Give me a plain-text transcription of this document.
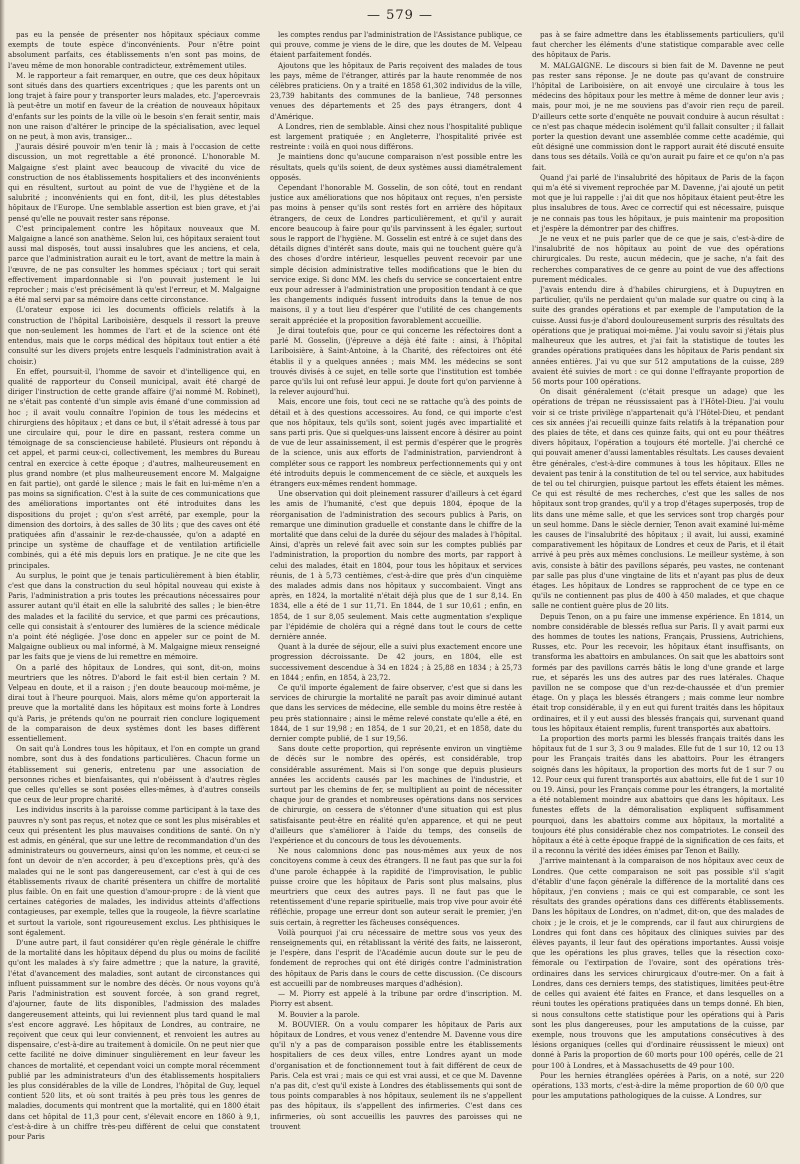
— 579 —

pas eu la pensée de présenter nos hôpitaux spéciaux comme exempts de toute espèce d'inconvénients. Pour n'être point absolument parfaits, ces établissements n'en sont pas moins, de l'aveu même de mon honorable contradicteur, extrêmement utiles.

M. le rapporteur a fait remarquer, en outre, que ces deux hôpitaux sont situés dans des quartiers excentriques ; que les parents ont un long trajet à faire pour y transporter leurs malades, etc. J'apercevrais là peut-être un motif en faveur de la création de nouveaux hôpitaux d'enfants sur les points de la ville où le besoin s'en ferait sentir, mais non une raison d'altérer le principe de la spécialisation, avec lequel on ne peut, à mon avis, transiger...

J'aurais désiré pouvoir m'en tenir là ; mais à l'occasion de cette discussion, un mot regrettable a été prononcé. L'honorable M. Malgaigne s'est plaint avec beaucoup de vivacité du vice de construction de nos établissements hospitaliers et des inconvénients qui en résultent, surtout au point de vue de l'hygiène et de la salubrité ; inconvénients qui en font, dit-il, les plus détestables hôpitaux de l'Europe. Une semblable assertion est bien grave, et j'ai pensé qu'elle ne pouvait rester sans réponse.

C'est principalement contre les hôpitaux nouveaux que M. Malgaigne a lancé son anathème. Selon lui, ces hôpitaux seraient tout aussi mal disposés, tout aussi insalubres que les anciens, et cela, parce que l'administration aurait eu le tort, avant de mettre la main à l'œuvre, de ne pas consulter les hommes spéciaux ; tort qui serait effectivement impardonnable si l'on pouvait justement le lui reprocher ; mais c'est précisément là qu'est l'erreur, et M. Malgaigne a été mal servi par sa mémoire dans cette circonstance.

(L'orateur expose ici les documents officiels relatifs à la construction de l'hôpital Lariboisière, desquels il ressort la preuve que non-seulement les hommes de l'art et de la science ont été entendus, mais que le corps médical des hôpitaux tout entier a été consulté sur les divers projets entre lesquels l'administration avait à choisir.)

En effet, poursuit-il, l'homme de savoir et d'intelligence qui, en qualité de rapporteur du Conseil municipal, avait été chargé de diriger l'instruction de cette grande affaire (j'ai nommé M. Robinet), ne s'était pas contenté d'un simple avis émané d'une commission ad hoc ; il avait voulu connaître l'opinion de tous les médecins et chirurgiens des hôpitaux ; et dans ce but, il s'était adressé à tous par une circulaire qui, pour le dire en passant, restera comme un témoignage de sa consciencieuse habileté. Plusieurs ont répondu à cet appel, et parmi ceux-ci, collectivement, les membres du Bureau central en exercice à cette époque ; d'autres, malheureusement en plus grand nombre (et plus malheureusement encore M. Malgaigne en fait partie), ont gardé le silence ; mais le fait en lui-même n'en a pas moins sa signification. C'est à la suite de ces communications que des améliorations importantes ont été introduites dans les dispositions du projet ; qu'on s'est arrêté, par exemple, pour la dimension des dortoirs, à des salles de 30 lits ; que des caves ont été pratiquées afin d'assainir le rez-de-chaussée, qu'on a adapté en principe un système de chauffage et de ventilation artificielle combinés, qui a été mis depuis lors en pratique. Je ne cite que les principales.

Au surplus, le point que je tenais particulièrement à bien établir, c'est que dans la construction du seul hôpital nouveau qui existe à Paris, l'administration a pris toutes les précautions nécessaires pour assurer autant qu'il était en elle la salubrité des salles ; le bien-être des malades et la facilité du service, et que parmi ces précautions, celle qui consistait à s'entourer des lumières de la science médicale n'a point été négligée. J'ose donc en appeler sur ce point de M. Malgaigne oublieux ou mal informé, à M. Malgaigne mieux renseigné par les faits que je viens de lui remettre en mémoire.

On a parlé des hôpitaux de Londres, qui sont, dit-on, moins meurtriers que les nôtres. D'abord le fait est-il bien certain ? M. Velpeau en doute, et il a raison ; j'en doute beaucoup moi-même, je dirai tout à l'heure pourquoi. Mais, alors même qu'on apporterait la preuve que la mortalité dans les hôpitaux est moins forte à Londres qu'à Paris, je prétends qu'on ne pourrait rien conclure logiquement de la comparaison de deux systèmes dont les bases diffèrent essentiellement.

On sait qu'à Londres tous les hôpitaux, et l'on en compte un grand nombre, sont dus à des fondations particulières. Chacun forme un établissement sui generis, entretenu par une association de personnes riches et bienfaisantes, qui n'obéissent à d'autres règles que celles qu'elles se sont posées elles-mêmes, à d'autres conseils que ceux de leur propre charité.

Les individus inscrits à la paroisse comme participant à la taxe des pauvres n'y sont pas reçus, et notez que ce sont les plus misérables et ceux qui présentent les plus mauvaises conditions de santé. On n'y est admis, en général, que sur une lettre de recommandation d'un des administrateurs ou gouverneurs, ainsi qu'on les nomme, et ceux-ci se font un devoir de n'en accorder, à peu d'exceptions près, qu'à des malades qui ne le sont pas dangereusement, car c'est à qui de ces établissements rivaux de charité présentera un chiffre de mortalité plus faible. On en fait une question d'amour-propre : de là vient que certaines catégories de malades, les individus atteints d'affections contagieuses, par exemple, telles que la rougeole, la fièvre scarlatine et surtout la variole, sont rigoureusement exclus. Les phthisiques le sont également.

D'une autre part, il faut considérer qu'en règle générale le chiffre de la mortalité dans les hôpitaux dépend du plus ou moins de facilité qu'ont les malades à s'y faire admettre ; que la nature, la gravité, l'état d'avancement des maladies, sont autant de circonstances qui influent puissamment sur le nombre des décès. Or nous voyons qu'à Paris l'administration est souvent forcée, à son grand regret, d'ajourner, faute de lits disponibles, l'admission des malades dangereusement atteints, qui lui reviennent plus tard quand le mal s'est encore aggravé. Les hôpitaux de Londres, au contraire, ne reçoivent que ceux qui leur conviennent, et renvoient les autres au dispensaire, c'est-à-dire au traitement à domicile. On ne peut nier que cette facilité ne doive diminuer singulièrement en leur faveur les chances de mortalité, et cependant voici un compte moral récemment publié par les administrateurs d'un des établissements hospitaliers les plus considérables de la ville de Londres, l'hôpital de Guy, lequel contient 520 lits, et où sont traités à peu près tous les genres de maladies, documents qui montrent que la mortalité, qui en 1800 était dans cet hôpital de 11,3 pour cent, s'élevait encore en 1860 à 9,1, c'est-à-dire à un chiffre très-peu différent de celui que constatent pour Paris

les comptes rendus par l'administration de l'Assistance publique, ce qui prouve, comme je viens de le dire, que les doutes de M. Velpeau étaient parfaitement fondés.

Ajoutons que les hôpitaux de Paris reçoivent des malades de tous les pays, même de l'étranger, attirés par la haute renommée de nos célèbres praticiens. On y a traité en 1858 61,302 individus de la ville, 23,739 habitants des communes de la banlieue, 748 personnes venues des départements et 25 des pays étrangers, dont 4 d'Amérique.

A Londres, rien de semblable. Ainsi chez nous l'hospitalité publique est largement pratiquée ; en Angleterre, l'hospitalité privée est restreinte : voilà en quoi nous différons.

Je maintiens donc qu'aucune comparaison n'est possible entre les résultats, quels qu'ils soient, de deux systèmes aussi diamétralement opposés.

Cependant l'honorable M. Gosselin, de son côté, tout en rendant justice aux améliorations que nos hôpitaux ont reçues, n'en persiste pas moins à penser qu'ils sont restés fort en arrière des hôpitaux étrangers, de ceux de Londres particulièrement, et qu'il y aurait encore beaucoup à faire pour qu'ils parvinssent à les égaler, surtout sous le rapport de l'hygiène. M. Gosselin est entré à ce sujet dans des détails dignes d'intérêt sans doute, mais qui ne touchent guère qu'à des choses d'ordre intérieur, lesquelles peuvent recevoir par une simple décision administrative telles modifications que le bien du service exige. Si donc MM. les chefs du service se concertaient entre eux pour adresser à l'administration une proposition tendant à ce que les changements indiqués fussent introduits dans la tenue de nos maisons, il y a tout lieu d'espérer que l'utilité de ces changements serait appréciée et la proposition favorablement accueillie.

Je dirai toutefois que, pour ce qui concerne les réfectoires dont a parlé M. Gosselin, (j'épreuve a déjà été faite : ainsi, à l'hôpital Lariboisière, à Saint-Antoine, à la Charité, des réfectoires ont été établis il y a quelques années ; mais MM. les médecins se sont trouvés divisés à ce sujet, en telle sorte que l'institution est tombée parce qu'ils lui ont refusé leur appui. Je doute fort qu'on parvienne à la relever aujourd'hui.

Mais, encore une fois, tout ceci ne se rattache qu'à des points de détail et à des questions accessoires. Au fond, ce qui importe c'est que nos hôpitaux, tels qu'ils sont, soient jugés avec impartialité et sans parti pris. Que si quelques-uns laissent encore à désirer au point de vue de leur assainissement, il est permis d'espérer que le progrès de la science, unis aux efforts de l'administration, parviendront à compléter sous ce rapport les nombreux perfectionnements qui y ont été introduits depuis le commencement de ce siècle, et auxquels les étrangers eux-mêmes rendent hommage.

Une observation qui doit pleinement rassurer d'ailleurs à cet égard les amis de l'humanité, c'est que depuis 1804, époque de la réorganisation de l'administration des secours publics à Paris, on remarque une diminution graduelle et constante dans le chiffre de la mortalité que dans celui de la durée du séjour des malades à l'hôpital. Ainsi, d'après un relevé fait avec soin sur les comptes publiés par l'administration, la proportion du nombre des morts, par rapport à celui des malades, était en 1804, pour tous les hôpitaux et services réunis, de 1 à 5,73 centièmes, c'est-à-dire que près d'un cinquième des malades admis dans nos hôpitaux y succombaient. Vingt ans après, en 1824, la mortalité n'était déjà plus que de 1 sur 8,14. En 1834, elle a été de 1 sur 11,71. En 1844, de 1 sur 10,61 ; enfin, en 1854, de 1 sur 8,05 seulement. Mais cette augmentation s'explique par l'épidémie de choléra qui a régné dans tout le cours de cette dernière année.

Quant à la durée de séjour, elle a suivi plus exactement encore une progression décroissante. De 42 jours, en 1804, elle est successivement descendue à 34 en 1824 ; à 25,88 en 1834 ; à 25,73 en 1844 ; enfin, en 1854, à 23,72.

Ce qu'il importe également de faire observer, c'est que si dans les services de chirurgie la mortalité ne paraît pas avoir diminué autant que dans les services de médecine, elle semble du moins être restée à peu près stationnaire ; ainsi le même relevé constate qu'elle a été, en 1844, de 1 sur 19,98 ; en 1854, de 1 sur 20,21, et en 1858, date du dernier compte publié, de 1 sur 19,56.

Sans doute cette proportion, qui représente environ un vingtième de décès sur le nombre des opérés, est considérable, trop considérable assurément. Mais si l'on songe que depuis plusieurs années les accidents causés par les machines de l'industrie, et surtout par les chemins de fer, se multiplient au point de nécessiter chaque jour de grandes et nombreuses opérations dans nos services de chirurgie, on cessera de s'étonner d'une situation qui est plus satisfaisante peut-être en réalité qu'en apparence, et qui ne peut d'ailleurs que s'améliorer à l'aide du temps, des conseils de l'expérience et du concours de tous les dévouements.

Ne nous calomnions donc pas nous-mêmes aux yeux de nos concitoyens comme à ceux des étrangers. Il ne faut pas que sur la foi d'une parole échappée à la rapidité de l'improvisation, le public puisse croire que les hôpitaux de Paris sont plus malsains, plus meurtriers que ceux des autres pays. Il ne faut pas que le retentissement d'une reparie spirituelle, mais trop vive pour avoir été réfléchie, propage une erreur dont son auteur serait le premier, j'en suis certain, à regretter les fâcheuses conséquences.

Voilà pourquoi j'ai cru nécessaire de mettre sous vos yeux des renseignements qui, en rétablissant la vérité des faits, ne laisseront, je l'espère, dans l'esprit de l'Académie aucun doute sur le peu de fondement de reproches qui ont été dirigés contre l'administration des hôpitaux de Paris dans le cours de cette discussion. (Ce discours est accueilli par de nombreuses marques d'adhésion).

— M. Piorry est appelé à la tribune par ordre d'inscription. M. Piorry est absent.

M. Bouvier a la parole.

M. BOUVIER. On a voulu comparer les hôpitaux de Paris aux hôpitaux de Londres, et vous venez d'entendre M. Davenne vous dire qu'il n'y a pas de comparaison possible entre les établissements hospitaliers de ces deux villes, entre Londres ayant un mode d'organisation et de fonctionnement tout à fait différent de ceux de Paris. Cela est vrai ; mais ce qui est vrai aussi, et ce que M. Davenne n'a pas dit, c'est qu'il existe à Londres des établissements qui sont de tous points comparables à nos hôpitaux, seulement ils ne s'appellent pas des hôpitaux, ils s'appellent des infirmeries. C'est dans ces infirmeries, où sont accueillis les pauvres des paroisses qui ne trouvent

pas à se faire admettre dans les établissements particuliers, qu'il faut chercher les éléments d'une statistique comparable avec celle des hôpitaux de Paris.

M. MALGAIGNE. Le discours si bien fait de M. Davenne ne peut pas rester sans réponse. Je ne doute pas qu'avant de construire l'hôpital de Lariboisière, on ait envoyé une circulaire à tous les médecins des hôpitaux pour les mettre à même de donner leur avis ; mais, pour moi, je ne me souviens pas d'avoir rien reçu de pareil. D'ailleurs cette sorte d'enquête ne pouvait conduire à aucun résultat : ce n'est pas chaque médecin isolément qu'il fallait consulter ; il fallait porter la question devant une assemblée comme cette académie, qui eût désigné une commission dont le rapport aurait été discuté ensuite dans tous ses détails. Voilà ce qu'on aurait pu faire et ce qu'on n'a pas fait.

Quand j'ai parlé de l'insalubrité des hôpitaux de Paris de la façon qui m'a été si vivement reprochée par M. Davenne, j'ai ajouté un petit mot que je lui rappelle : j'ai dit que nos hôpitaux étaient peut-être les plus insalubres de tous. Avec ce correctif qui est nécessaire, puisque je ne connais pas tous les hôpitaux, je puis maintenir ma proposition et j'espère la démontrer par des chiffres.

Je ne veux et ne puis parler que de ce que je sais, c'est-à-dire de l'insalubrité de nos hôpitaux au point de vue des opérations chirurgicales. Du reste, aucun médecin, que je sache, n'a fait des recherches comparatives de ce genre au point de vue des affections purement médicales.

J'avais entendu dire à d'habiles chirurgiens, et à Dupuytren en particulier, qu'ils ne perdaient qu'un malade sur quatre ou cinq à la suite des grandes opérations et par exemple de l'amputation de la cuisse. Aussi fus-je d'abord douloureusement surpris des résultats des opérations que je pratiquai moi-même. J'ai voulu savoir si j'étais plus malheureux que les autres, et j'ai fait la statistique de toutes les grandes opérations pratiquées dans les hôpitaux de Paris pendant six années entières. J'ai vu que sur 512 amputations de la cuisse, 289 avaient été suivies de mort : ce qui donne l'effrayante proportion de 56 morts pour 100 opérations.

On disait généralement (c'était presque un adage) que les opérations de trépan ne réussissaient pas à l'Hôtel-Dieu. J'ai voulu voir si ce triste privilège n'appartenait qu'à l'Hôtel-Dieu, et pendant ces six années j'ai recueilli quinze faits relatifs à la trépanation pour des plaies de tête, et dans ces quinze faits, qui ont eu pour théâtres divers hôpitaux, l'opération a toujours été mortelle. J'ai cherché ce qui pouvait amener d'aussi lamentables résultats. Les causes devaient être générales, c'est-à-dire communes à tous les hôpitaux. Elles ne devaient pas tenir à la constitution de tel ou tel service, aux habitudes de tel ou tel chirurgien, puisque partout les effets étaient les mêmes. Ce qui est résulté de mes recherches, c'est que les salles de nos hôpitaux sont trop grandes, qu'il y a trop d'étages superposés, trop de lits dans une même salle, et que les services sont trop chargés pour un seul homme. Dans le siècle dernier, Tenon avait examiné lui-même les causes de l'insalubrité des hôpitaux ; il avait, lui aussi, examiné comparativement les hôpitaux de Londres et ceux de Paris, et il était arrivé à peu près aux mêmes conclusions. Le meilleur système, à son avis, consiste à bâtir des pavillons séparés, peu vastes, ne contenant par salle pas plus d'une vingtaine de lits et n'ayant pas plus de deux étages. Les hôpitaux de Londres se rapprochent de ce type en ce qu'ils ne contiennent pas plus de 400 à 450 malades, et que chaque salle ne contient guère plus de 20 lits.

Depuis Tenon, on a pu faire une immense expérience. En 1814, un nombre considérable de blessés reflua sur Paris. Il y avait parmi eux des hommes de toutes les nations, Français, Prussiens, Autrichiens, Russes, etc. Pour les recevoir, les hôpitaux étant insuffisants, on transforma les abattoirs en ambulances. On sait que les abattoirs sont formés par des pavillons carrés bâtis le long d'une grande et large rue, et séparés les uns des autres par des rues latérales. Chaque pavillon ne se compose que d'un rez-de-chaussée et d'un premier étage. On y plaça les blessés étrangers ; mais comme leur nombre était trop considérable, il y en eut qui furent traités dans les hôpitaux ordinaires, et il y eut aussi des blessés français qui, survenant quand tous les hôpitaux étaient remplis, furent transportés aux abattoirs.

La proportion des morts parmi les blessés français traités dans les hôpitaux fut de 1 sur 3, 3 ou 9 malades. Elle fut de 1 sur 10, 12 ou 13 pour les Français traités dans les abattoirs. Pour les étrangers soignés dans les hôpitaux, la proportion des morts fut de 1 sur 7 ou 12. Pour ceux qui furent transportés aux abattoirs, elle fut de 1 sur 10 ou 19. Ainsi, pour les Français comme pour les étrangers, la mortalité a été notablement moindre aux abattoirs que dans les hôpitaux. Les funestes effets de la démoralisation expliquent suffisamment pourquoi, dans les abattoirs comme aux hôpitaux, la mortalité a toujours été plus considérable chez nos compatriotes. Le conseil des hôpitaux a été à cette époque frappé de la signification de ces faits, et il a reconnu la vérité des idées émises par Tenon et Bailly.

J'arrive maintenant à la comparaison de nos hôpitaux avec ceux de Londres. Que cette comparaison ne soit pas possible s'il s'agit d'établir d'une façon générale la différence de la mortalité dans ces hôpitaux, j'en conviens ; mais ce qui est comparable, ce sont les résultats des grandes opérations dans ces différents établissements. Dans les hôpitaux de Londres, on n'admet, dit-on, que des malades de choix ; je le crois, et je le comprends, car il faut aux chirurgiens de Londres qui font dans ces hôpitaux des cliniques suivies par des élèves payants, il leur faut des opérations importantes. Aussi voisje que les opérations les plus graves, telles que la résection coxo-fémorale ou l'extirpation de l'ovaire, sont des opérations très-ordinaires dans les services chirurgicaux d'outre-mer. On a fait à Londres, dans ces derniers temps, des statistiques, limitées peut-être de celles qui avaient été faites en France, et dans lesquelles on a réuni toutes les opérations pratiquées dans un temps donné. Eh bien, si nous consultons cette statistique pour les opérations qui à Paris sont les plus dangereuses, pour les amputations de la cuisse, par exemple, nous trouvons que les amputations consécutives à des lésions organiques (celles qui d'ordinaire réussissent le mieux) ont donné à Paris la proportion de 60 morts pour 100 opérés, celle de 21 pour 100 à Londres, et à Massachusetts de 49 pour 100.

Pour les hernies étranglées opérées à Paris, on a noté, sur 220 opérations, 133 morts, c'est-à-dire la même proportion de 60 0/0 que pour les amputations pathologiques de la cuisse. A Londres, sur
